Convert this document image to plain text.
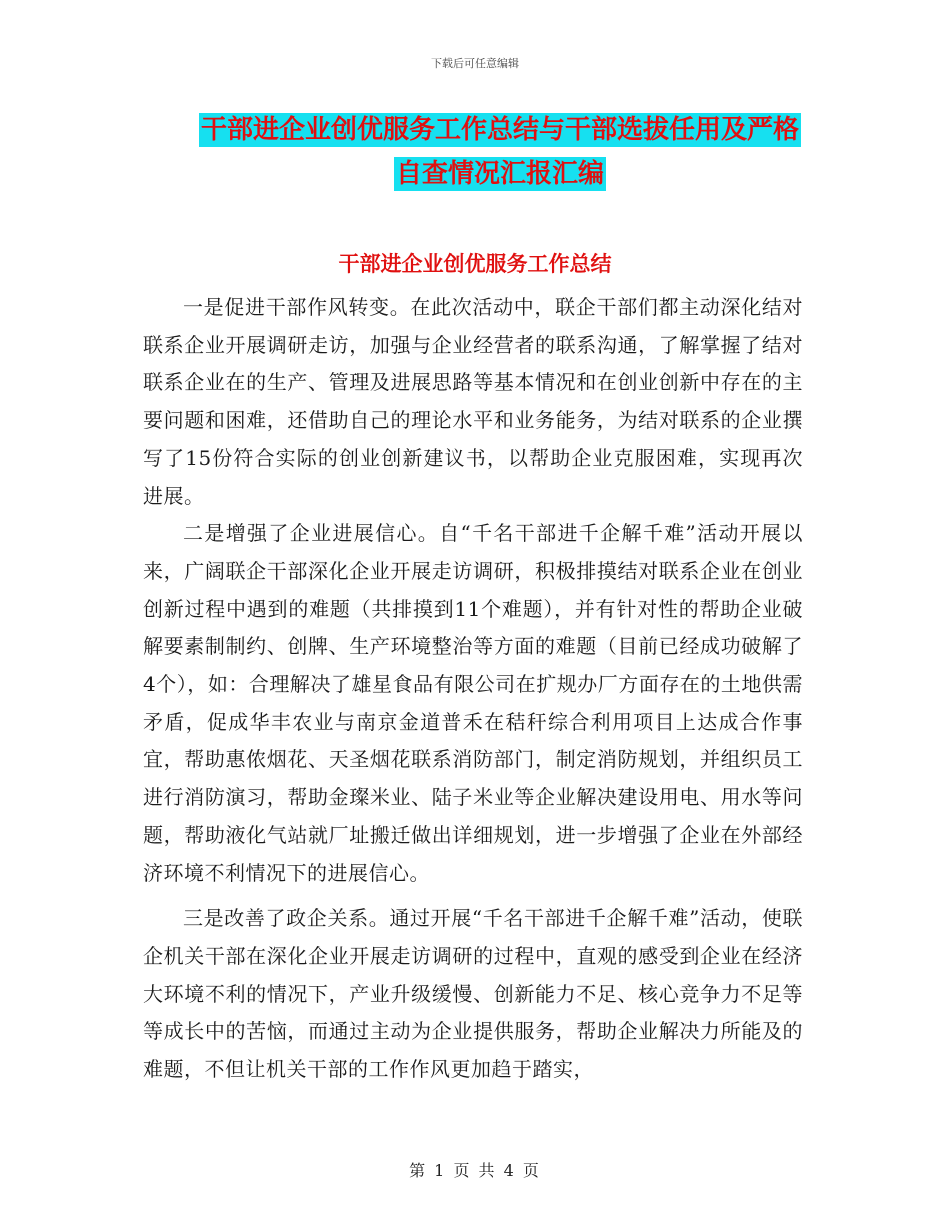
下载后可任意编辑
干部进企业创优服务工作总结与干部选拔任用及严格
自查情况汇报汇编
干部进企业创优服务工作总结

一是促进干部作风转变。在此次活动中，联企干部们都主动深化结对联系企业开展调研走访，加强与企业经营者的联系沟通，了解掌握了结对联系企业在的生产、管理及进展思路等基本情况和在创业创新中存在的主要问题和困难，还借助自己的理论水平和业务能务，为结对联系的企业撰写了15份符合实际的创业创新建议书，以帮助企业克服困难，实现再次进展。

二是增强了企业进展信心。自“千名干部进千企解千难”活动开展以来，广阔联企干部深化企业开展走访调研，积极排摸结对联系企业在创业创新过程中遇到的难题（共排摸到11个难题），并有针对性的帮助企业破解要素制制约、创牌、生产环境整治等方面的难题（目前已经成功破解了4个），如：合理解决了雄星食品有限公司在扩规办厂方面存在的土地供需矛盾，促成华丰农业与南京金道普禾在秸秆综合利用项目上达成合作事宜，帮助惠侬烟花、天圣烟花联系消防部门，制定消防规划，并组织员工进行消防演习，帮助金璨米业、陆子米业等企业解决建设用电、用水等问题，帮助液化气站就厂址搬迁做出详细规划，进一步增强了企业在外部经济环境不利情况下的进展信心。

三是改善了政企关系。通过开展“千名干部进千企解千难”活动，使联企机关干部在深化企业开展走访调研的过程中，直观的感受到企业在经济大环境不利的情况下，产业升级缓慢、创新能力不足、核心竞争力不足等等成长中的苦恼，而通过主动为企业提供服务，帮助企业解决力所能及的难题，不但让机关干部的工作作风更加趋于踏实，

第 1 页 共 4 页
